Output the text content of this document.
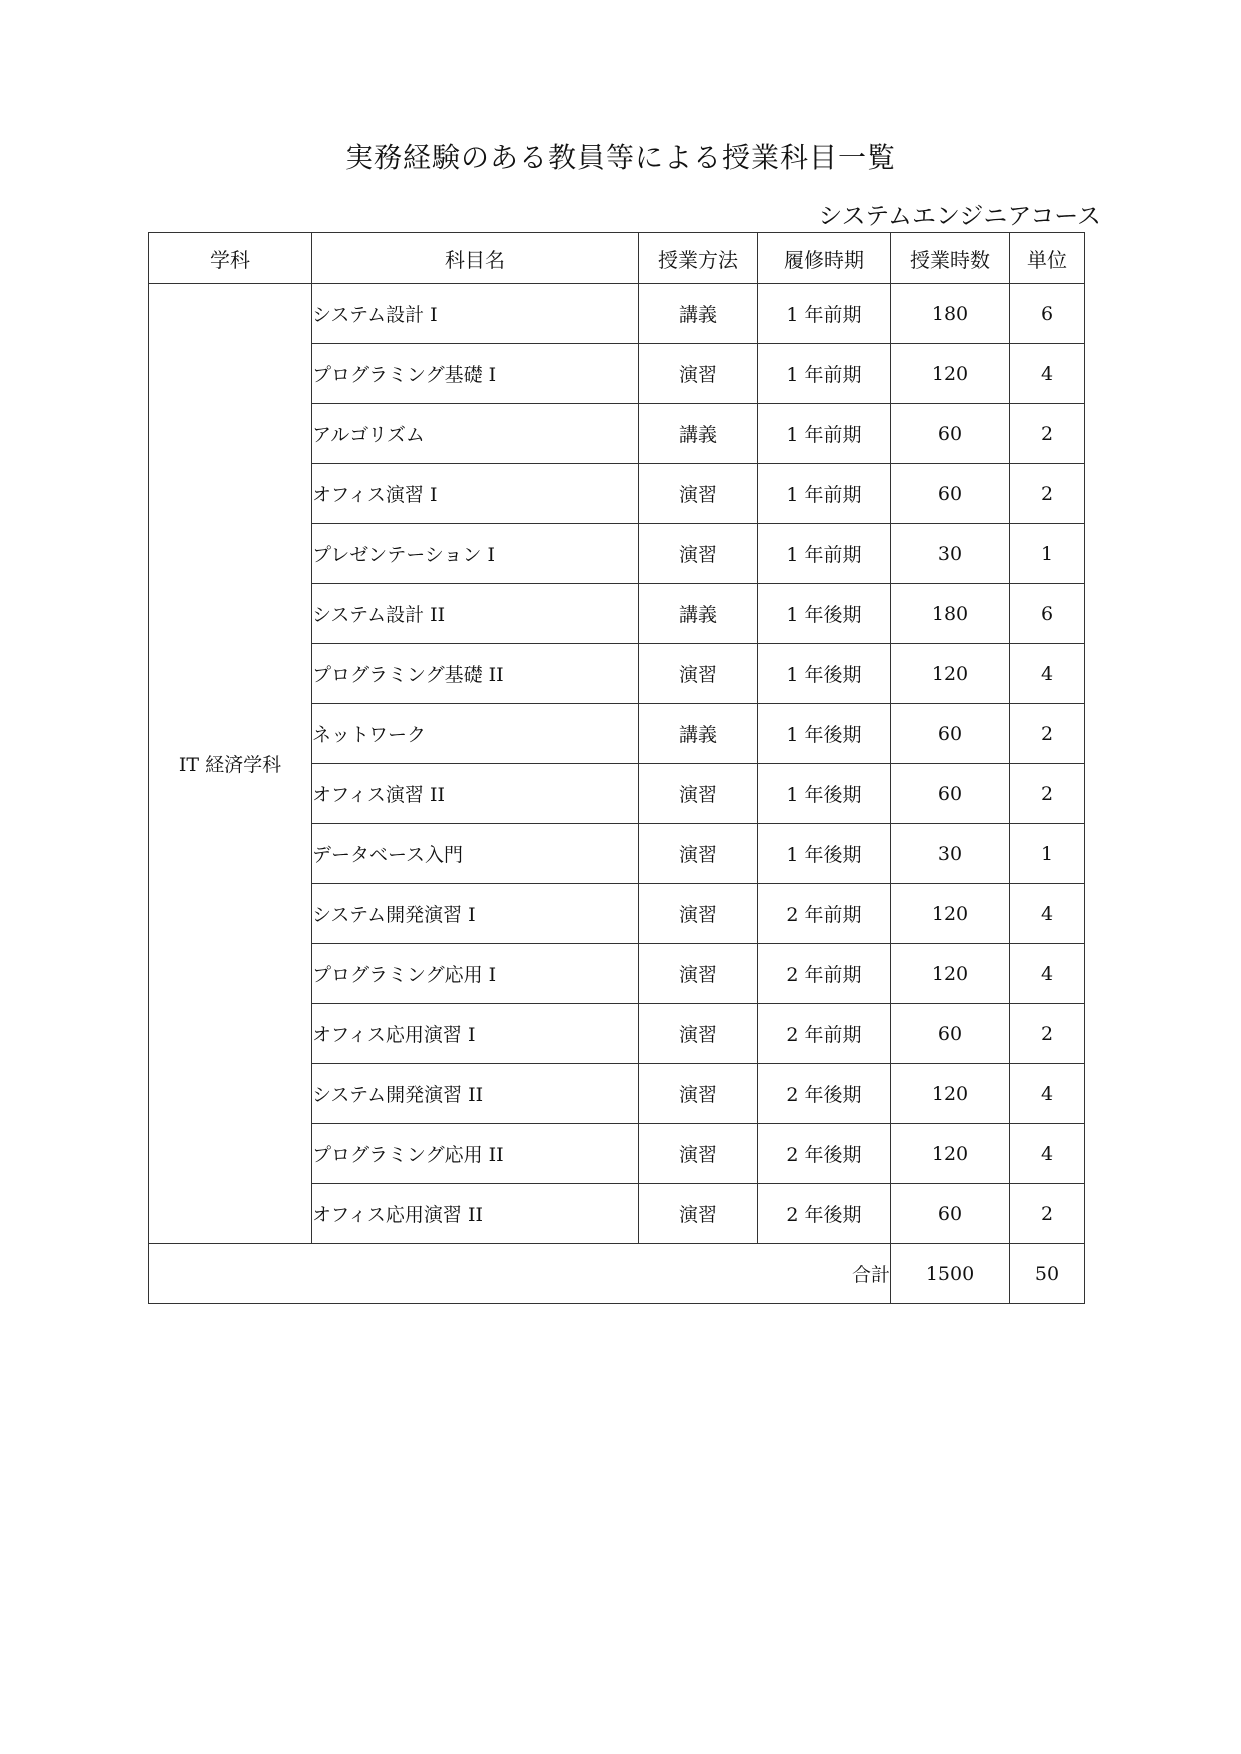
実務経験のある教員等による授業科目一覧
システムエンジニアコース
学科	科目名	授業方法	履修時期	授業時数	単位
IT 経済学科	システム設計 I	講義	1 年前期	180	6
	プログラミング基礎 I	演習	1 年前期	120	4
	アルゴリズム	講義	1 年前期	60	2
	オフィス演習 I	演習	1 年前期	60	2
	プレゼンテーション I	演習	1 年前期	30	1
	システム設計 II	講義	1 年後期	180	6
	プログラミング基礎 II	演習	1 年後期	120	4
	ネットワーク	講義	1 年後期	60	2
	オフィス演習 II	演習	1 年後期	60	2
	データベース入門	演習	1 年後期	30	1
	システム開発演習 I	演習	2 年前期	120	4
	プログラミング応用 I	演習	2 年前期	120	4
	オフィス応用演習 I	演習	2 年前期	60	2
	システム開発演習 II	演習	2 年後期	120	4
	プログラミング応用 II	演習	2 年後期	120	4
	オフィス応用演習 II	演習	2 年後期	60	2
合計				1500	50
